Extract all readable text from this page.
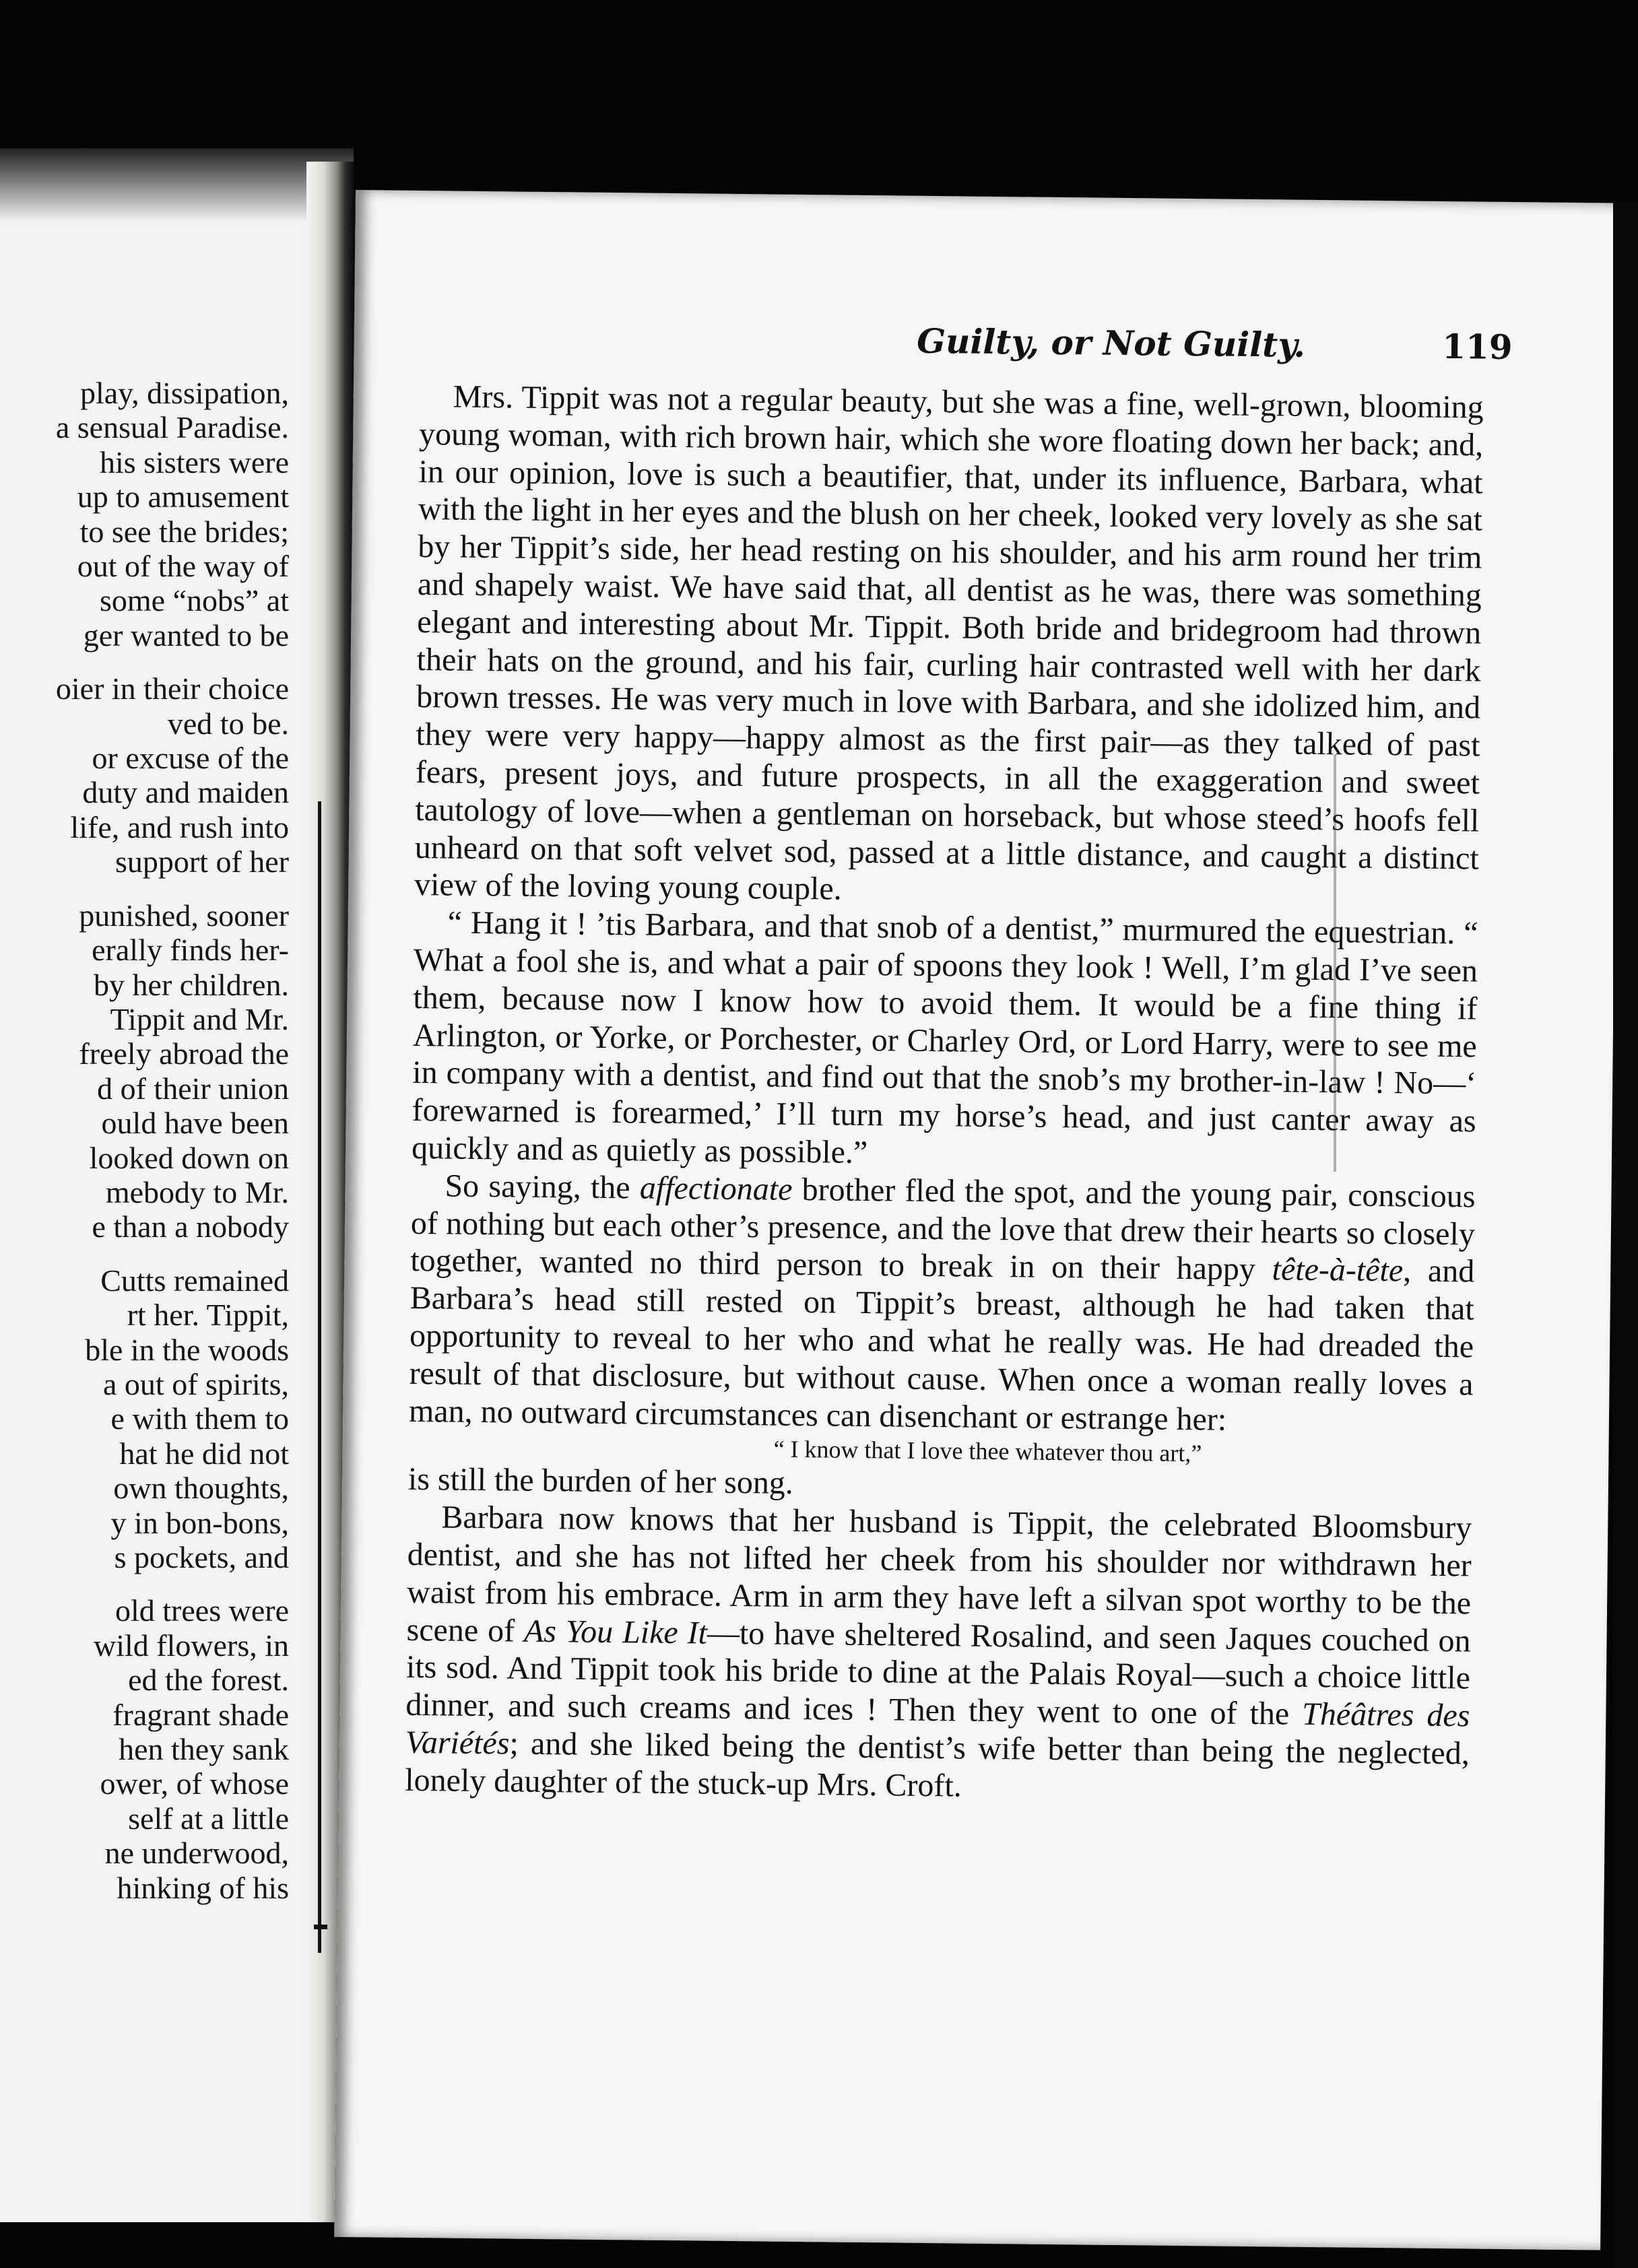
play, dissipation,
a sensual Paradise.
his sisters were
up to amusement
to see the brides;
out of the way of
some “nobs” at
ger wanted to be
oier in their choice
ved to be.
or excuse of the
duty and maiden
life, and rush into
support of her
punished, sooner
erally finds her-
by her children.
Tippit and Mr.
freely abroad the
d of their union
ould have been
looked down on
mebody to Mr.
e than a nobody
Cutts remained
rt her. Tippit,
ble in the woods
a out of spirits,
e with them to
hat he did not
own thoughts,
y in bon-bons,
s pockets, and
old trees were
wild flowers, in
ed the forest.
fragrant shade
hen they sank
ower, of whose
self at a little
ne underwood,
hinking of his
Guilty, or Not Guilty.	119

Mrs. Tippit was not a regular beauty, but she was a fine, well-grown, blooming young woman, with rich brown hair, which she wore floating down her back; and, in our opinion, love is such a beautifier, that, under its influence, Barbara, what with the light in her eyes and the blush on her cheek, looked very lovely as she sat by her Tippit’s side, her head resting on his shoulder, and his arm round her trim and shapely waist. We have said that, all dentist as he was, there was something elegant and interesting about Mr. Tippit. Both bride and bridegroom had thrown their hats on the ground, and his fair, curling hair contrasted well with her dark brown tresses. He was very much in love with Barbara, and she idolized him, and they were very happy—happy almost as the first pair—as they talked of past fears, present joys, and future prospects, in all the exaggeration and sweet tautology of love—when a gentleman on horseback, but whose steed’s hoofs fell unheard on that soft velvet sod, passed at a little distance, and caught a distinct view of the loving young couple.

“ Hang it ! ’tis Barbara, and that snob of a dentist,” murmured the equestrian. “ What a fool she is, and what a pair of spoons they look ! Well, I’m glad I’ve seen them, because now I know how to avoid them. It would be a fine thing if Arlington, or Yorke, or Porchester, or Charley Ord, or Lord Harry, were to see me in company with a dentist, and find out that the snob’s my brother-in-law ! No—‘ forewarned is forearmed,’ I’ll turn my horse’s head, and just canter away as quickly and as quietly as possible.”

So saying, the affectionate brother fled the spot, and the young pair, conscious of nothing but each other’s presence, and the love that drew their hearts so closely together, wanted no third person to break in on their happy tête-à-tête, and Barbara’s head still rested on Tippit’s breast, although he had taken that opportunity to reveal to her who and what he really was. He had dreaded the result of that disclosure, but without cause. When once a woman really loves a man, no outward circumstances can disenchant or estrange her:

“ I know that I love thee whatever thou art,”

is still the burden of her song.

Barbara now knows that her husband is Tippit, the celebrated Bloomsbury dentist, and she has not lifted her cheek from his shoulder nor withdrawn her waist from his embrace. Arm in arm they have left a silvan spot worthy to be the scene of As You Like It—to have sheltered Rosalind, and seen Jaques couched on its sod. And Tippit took his bride to dine at the Palais Royal—such a choice little dinner, and such creams and ices ! Then they went to one of the Théâtres des Variétés; and she liked being the dentist’s wife better than being the neglected, lonely daughter of the stuck-up Mrs. Croft.
